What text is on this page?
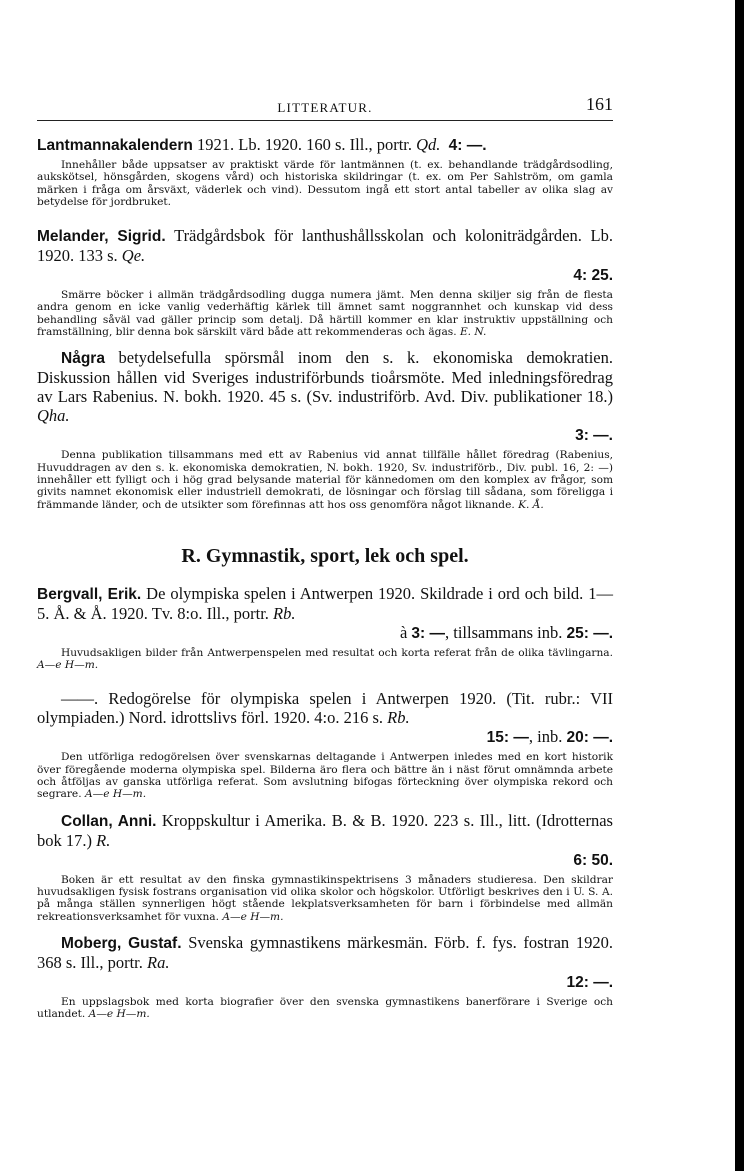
LITTERATUR.	161
Lantmannakalendern 1921. Lb. 1920. 160 s. Ill., portr. Qd. 4: —.
Innehåller både uppsatser av praktiskt värde för lantmännen (t. ex. behandlande trädgårdsodling, aukskötsel, hönsgården, skogens vård) och historiska skildringar (t. ex. om Per Sahlström, om gamla märken i fråga om årsväxt, väderlek och vind). Dessutom ingå ett stort antal tabeller av olika slag av betydelse för jordbruket.
Melander, Sigrid. Trädgårdsbok för lanthushållsskolan och koloniträdgården. Lb. 1920. 133 s. Qe.
4: 25.
Smärre böcker i allmän trädgårdsodling dugga numera jämt. Men denna skiljer sig från de flesta andra genom en icke vanlig vederhäftig kärlek till ämnet samt noggrannhet och kunskap vid dess behandling såväl vad gäller princip som detalj. Då härtill kommer en klar instruktiv uppställning och framställning, blir denna bok särskilt värd både att rekommenderas och ägas. E. N.
Några betydelsefulla spörsmål inom den s. k. ekonomiska demokratien. Diskussion hållen vid Sveriges industriförbunds tioårsmöte. Med inledningsföredrag av Lars Rabenius. N. bokh. 1920. 45 s. (Sv. industriförb. Avd. Div. publikationer 18.) Qha.
3: —.
Denna publikation tillsammans med ett av Rabenius vid annat tillfälle hållet föredrag (Rabenius, Huvuddragen av den s. k. ekonomiska demokratien, N. bokh. 1920, Sv. industriförb., Div. publ. 16, 2: —) innehåller ett fylligt och i hög grad belysande material för kännedomen om den komplex av frågor, som givits namnet ekonomisk eller industriell demokrati, de lösningar och förslag till sådana, som föreligga i främmande länder, och de utsikter som förefinnas att hos oss genomföra något liknande. K. Å.
R. Gymnastik, sport, lek och spel.
Bergvall, Erik. De olympiska spelen i Antwerpen 1920. Skildrade i ord och bild. 1—5. Å. & Å. 1920. Tv. 8:o. Ill., portr. Rb.
à 3: —, tillsammans inb. 25: —.
Huvudsakligen bilder från Antwerpenspelen med resultat och korta referat från de olika tävlingarna. A—e H—m.
——. Redogörelse för olympiska spelen i Antwerpen 1920. (Tit. rubr.: VII olympiaden.) Nord. idrottslivs förl. 1920. 4:o. 216 s. Rb.
15: —, inb. 20: —.
Den utförliga redogörelsen över svenskarnas deltagande i Antwerpen inledes med en kort historik över föregående moderna olympiska spel. Bilderna äro flera och bättre än i näst förut omnämnda arbete och åtföljas av ganska utförliga referat. Som avslutning bifogas förteckning över olympiska rekord och segrare. A—e H—m.
Collan, Anni. Kroppskultur i Amerika. B. & B. 1920. 223 s. Ill., litt. (Idrotternas bok 17.) R.
6: 50.
Boken är ett resultat av den finska gymnastikinspektrisens 3 månaders studieresa. Den skildrar huvudsakligen fysisk fostrans organisation vid olika skolor och högskolor. Utförligt beskrives den i U. S. A. på många ställen synnerligen högt stående lekplatsverksamheten för barn i förbindelse med allmän rekreationsverksamhet för vuxna. A—e H—m.
Moberg, Gustaf. Svenska gymnastikens märkesmän. Förb. f. fys. fostran 1920. 368 s. Ill., portr. Ra.
12: —.
En uppslagsbok med korta biografier över den svenska gymnastikens banerförare i Sverige och utlandet. A—e H—m.
